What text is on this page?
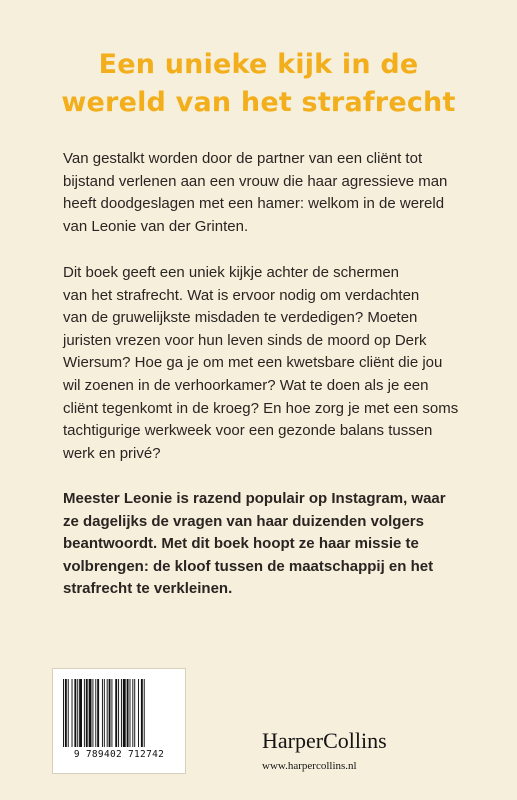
Een unieke kijk in de
wereld van het strafrecht

Van gestalkt worden door de partner van een cliënt tot
bijstand verlenen aan een vrouw die haar agressieve man
heeft doodgeslagen met een hamer: welkom in de wereld
van Leonie van der Grinten.

Dit boek geeft een uniek kijkje achter de schermen
van het strafrecht. Wat is ervoor nodig om verdachten
van de gruwelijkste misdaden te verdedigen? Moeten
juristen vrezen voor hun leven sinds de moord op Derk
Wiersum? Hoe ga je om met een kwetsbare cliënt die jou
wil zoenen in de verhoorkamer? Wat te doen als je een
cliënt tegenkomt in de kroeg? En hoe zorg je met een soms
tachtigurige werkweek voor een gezonde balans tussen
werk en privé?

Meester Leonie is razend populair op Instagram, waar
ze dagelijks de vragen van haar duizenden volgers
beantwoordt. Met dit boek hoopt ze haar missie te
volbrengen: de kloof tussen de maatschappij en het
strafrecht te verkleinen.

9 789402 712742
HarperCollins
www.harpercollins.nl
